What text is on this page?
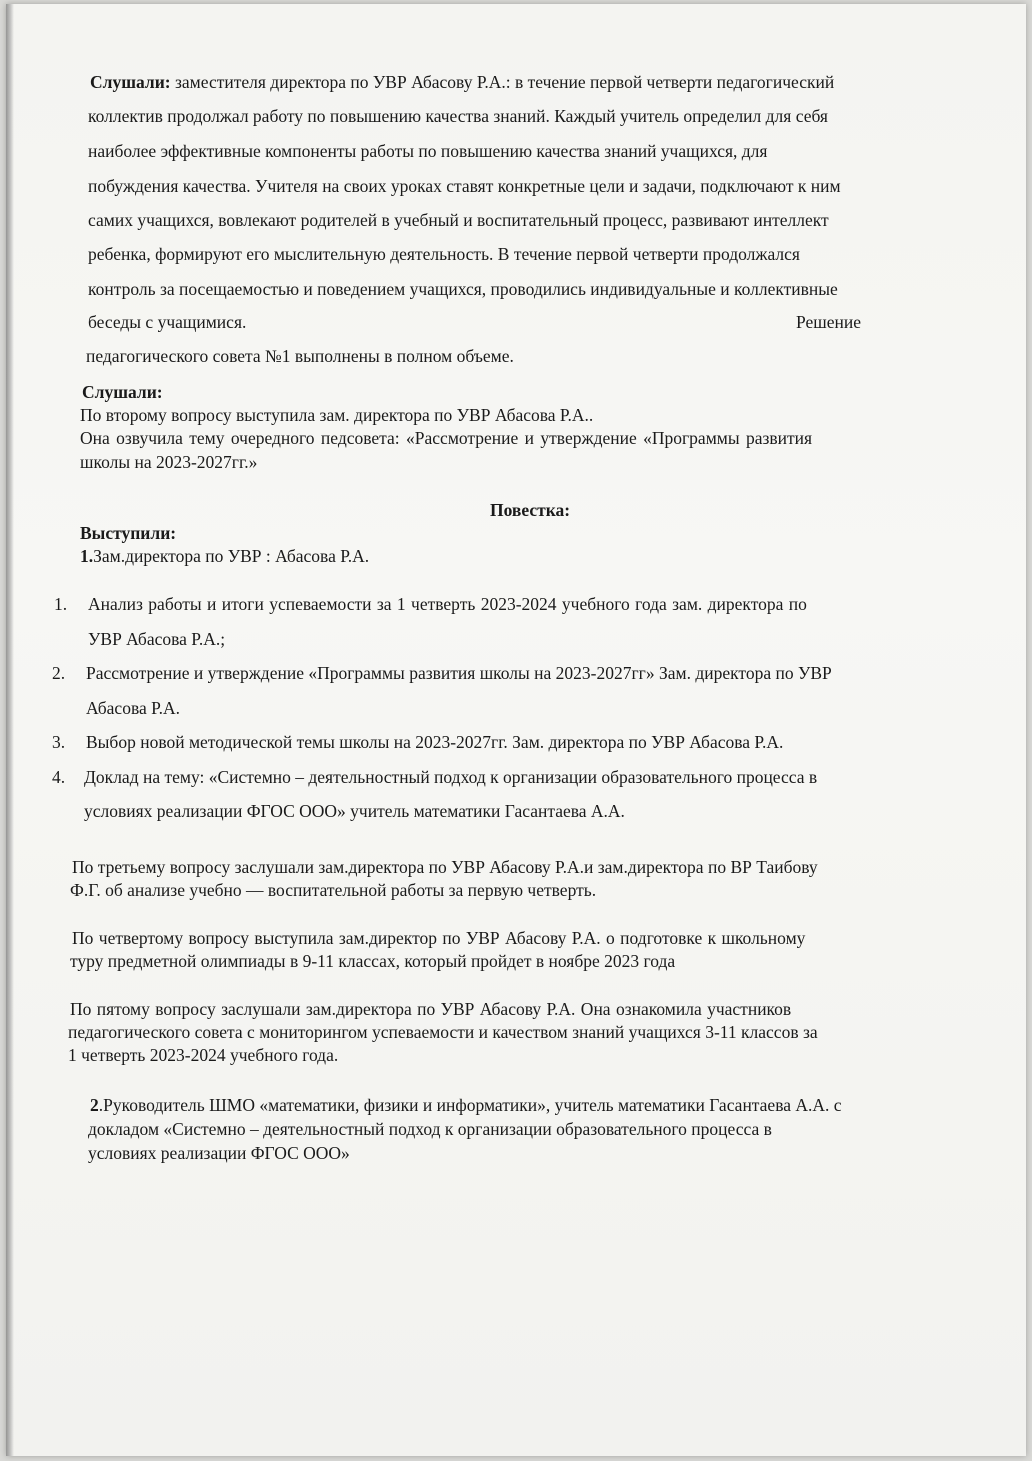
Слушали: заместителя директора по УВР Абасову Р.А.: в течение первой четверти педагогический
коллектив продолжал работу по повышению качества знаний. Каждый учитель определил для себя
наиболее эффективные компоненты работы по повышению качества знаний учащихся, для
побуждения качества. Учителя на своих уроках ставят конкретные цели и задачи, подключают к ним
самих учащихся, вовлекают родителей в учебный и воспитательный процесс, развивают интеллект
ребенка, формируют его мыслительную деятельность. В течение первой четверти продолжался
контроль за посещаемостью и поведением учащихся, проводились индивидуальные и коллективные
беседы с учащимися.	Решение
педагогического совета №1 выполнены в полном объеме.
Слушали:
По второму вопросу выступила зам. директора по УВР Абасова Р.А..
Она озвучила тему очередного педсовета: «Рассмотрение и утверждение «Программы развития
школы на 2023-2027гг.»
Повестка:
Выступили:
1.Зам.директора по УВР : Абасова Р.А.
1. Анализ работы и итоги успеваемости за 1 четверть 2023-2024 учебного года зам. директора по
УВР Абасова Р.А.;
2. Рассмотрение и утверждение «Программы развития школы на 2023-2027гг» Зам. директора по УВР
Абасова Р.А.
3. Выбор новой методической темы школы на 2023-2027гг. Зам. директора по УВР Абасова Р.А.
4. Доклад на тему: «Системно – деятельностный подход к организации образовательного процесса в
условиях реализации ФГОС ООО» учитель математики Гасантаева А.А.
По третьему вопросу заслушали зам.директора по УВР Абасову Р.А.и зам.директора по ВР Таибову
Ф.Г. об анализе учебно — воспитательной работы за первую четверть.
По четвертому вопросу выступила зам.директор по УВР Абасову Р.А. о подготовке к школьному
туру предметной олимпиады в 9-11 классах, который пройдет в ноябре 2023 года
По пятому вопросу заслушали зам.директора по УВР Абасову Р.А. Она ознакомила участников
педагогического совета с мониторингом успеваемости и качеством знаний учащихся 3-11 классов за
1 четверть 2023-2024 учебного года.
2.Руководитель ШМО «математики, физики и информатики», учитель математики Гасантаева А.А. с
докладом «Системно – деятельностный подход к организации образовательного процесса в
условиях реализации ФГОС ООО»
